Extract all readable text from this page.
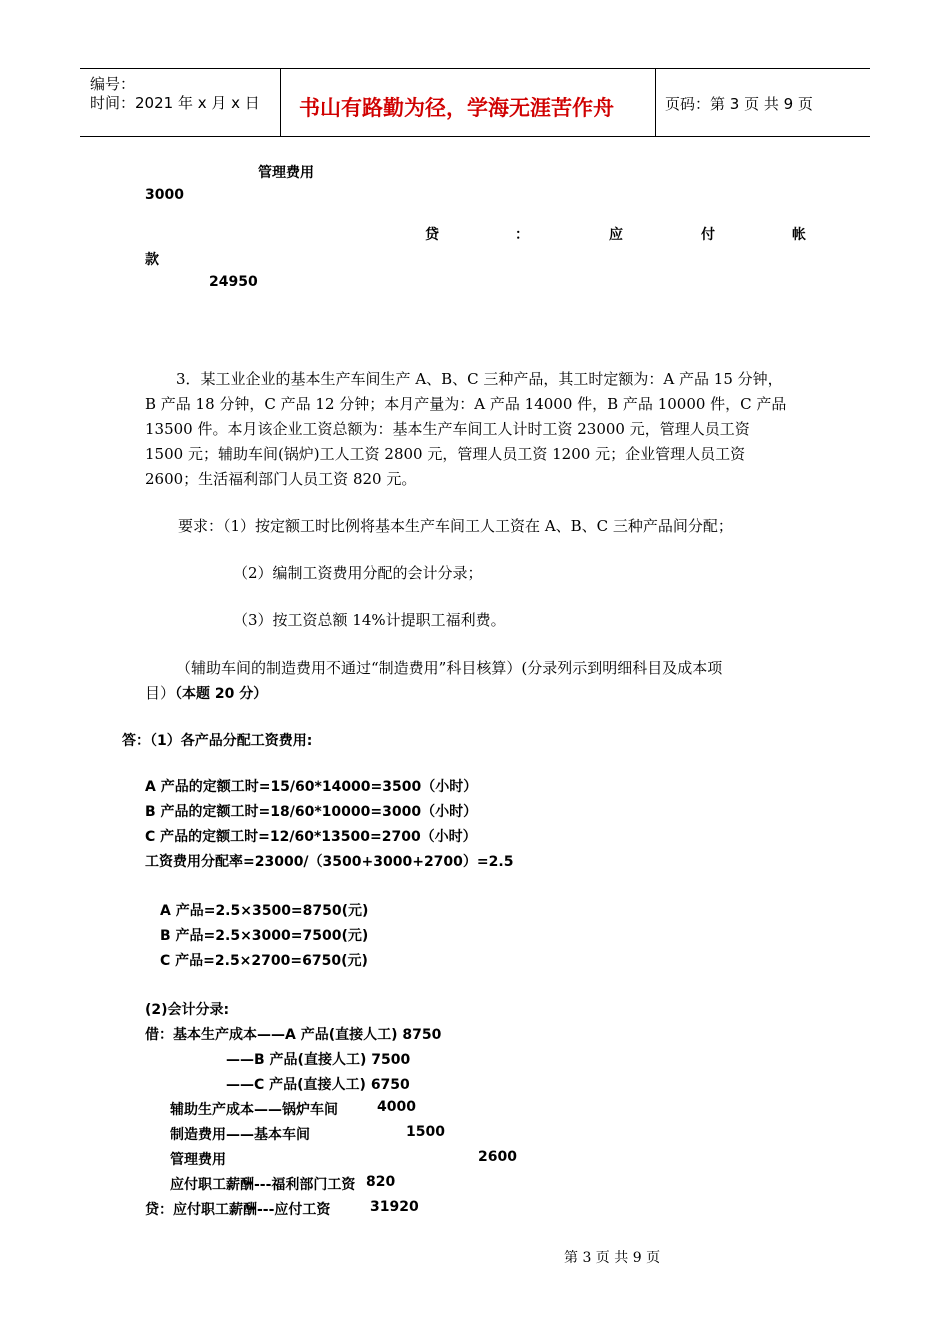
编号：
时间：2021 年 x 月 x 日 书山有路勤为径，学海无涯苦作舟	页码：第 3 页 共 9 页
管理费用
3000
贷	：	应	付	帐
款
24950
3．某工业企业的基本生产车间生产 A、B、C 三种产品，其工时定额为：A 产品 15 分钟，
B 产品 18 分钟，C 产品 12 分钟；本月产量为：A 产品 14000 件，B 产品 10000 件，C 产品
13500 件。本月该企业工资总额为：基本生产车间工人计时工资 23000 元，管理人员工资
1500 元；辅助车间(锅炉)工人工资 2800 元，管理人员工资 1200 元；企业管理人员工资
2600；生活福利部门人员工资 820 元。
要求：（1）按定额工时比例将基本生产车间工人工资在 A、B、C 三种产品间分配；
（2）编制工资费用分配的会计分录；
（3）按工资总额 14%计提职工福利费。
（辅助车间的制造费用不通过“制造费用”科目核算）(分录列示到明细科目及成本项
目）（本题 20 分）
答：（1）各产品分配工资费用:
A 产品的定额工时=15/60*14000=3500（小时）
B 产品的定额工时=18/60*10000=3000（小时）
C 产品的定额工时=12/60*13500=2700（小时）
工资费用分配率=23000/（3500+3000+2700）=2.5
A 产品=2.5×3500=8750(元)
B 产品=2.5×3000=7500(元)
C 产品=2.5×2700=6750(元)
(2)会计分录:
借：基本生产成本——A 产品(直接人工) 8750
——B 产品(直接人工) 7500
——C 产品(直接人工) 6750
辅助生产成本——锅炉车间	4000
制造费用——基本车间	1500
管理费用	2600
应付职工薪酬---福利部门工资 820
贷：应付职工薪酬---应付工资	31920
第 3 页 共 9 页
